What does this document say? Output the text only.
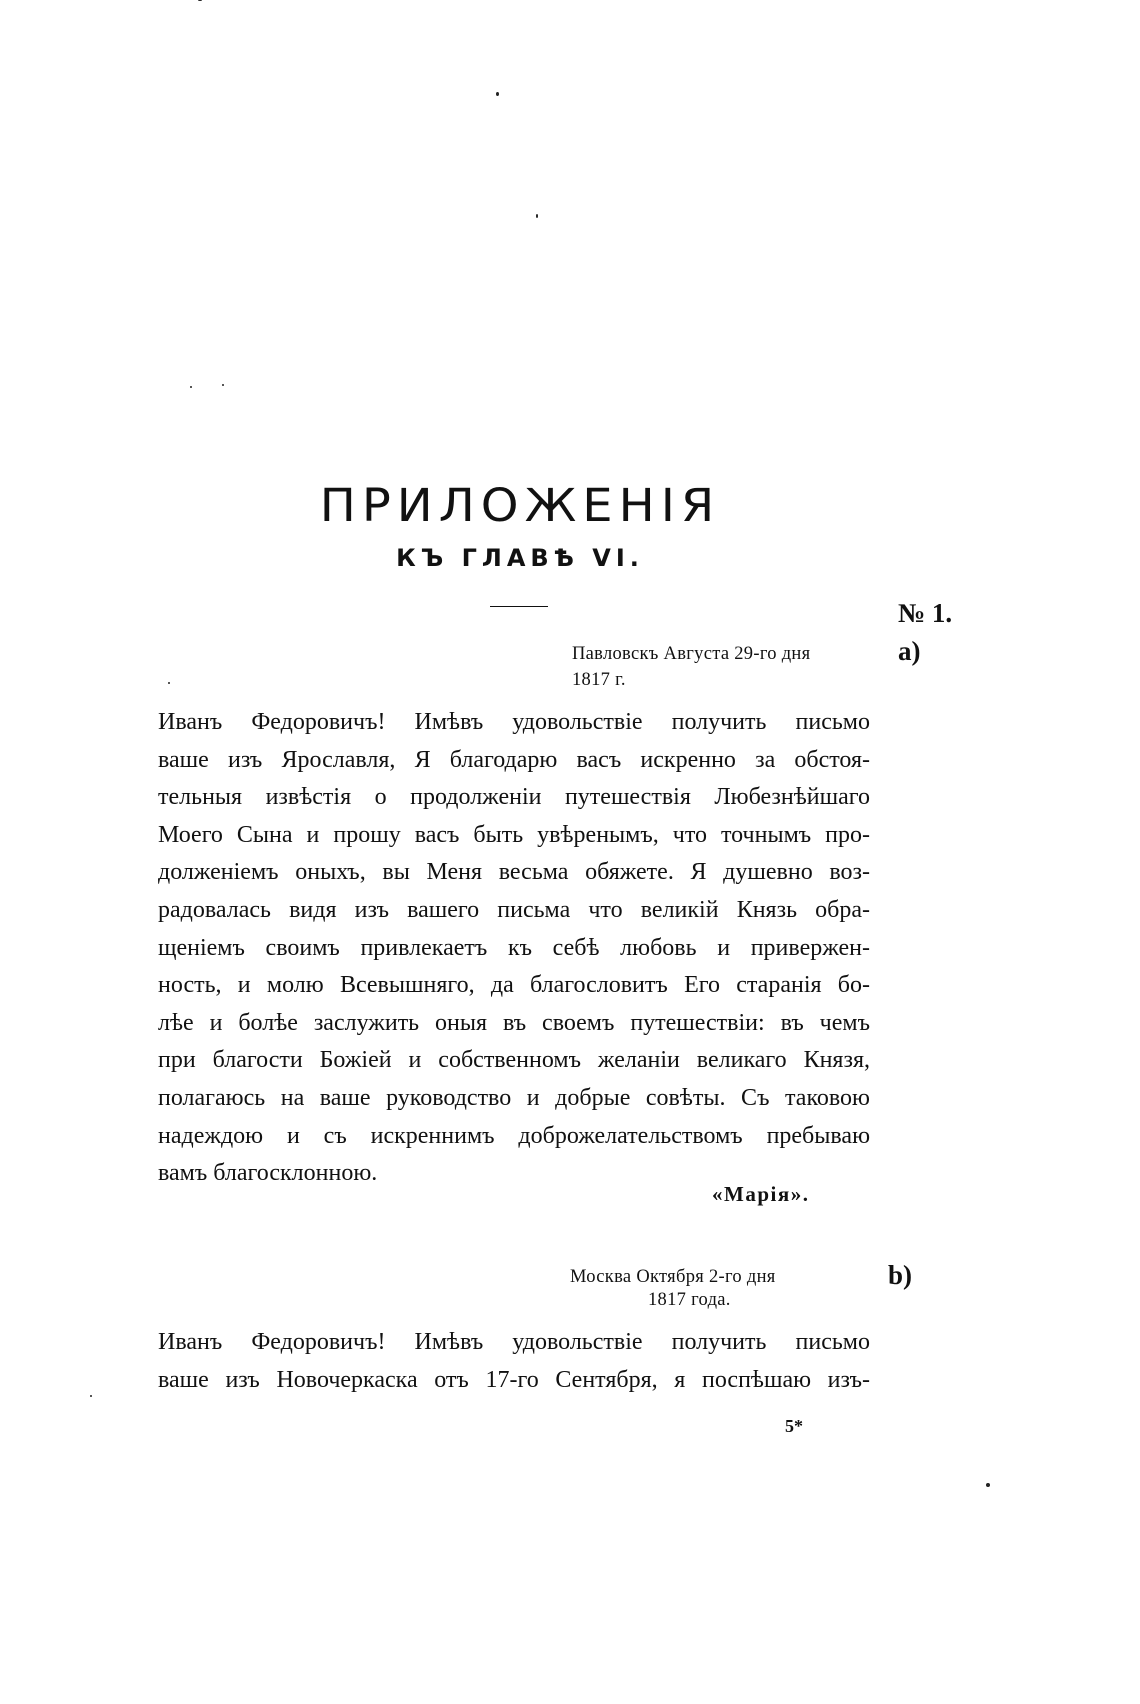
ПРИЛОЖЕНІЯ
КЪ ГЛАВѢ VI.
№ 1.
a)
Павловскъ Августа 29-го дня
1817 г.
Иванъ Федоровичъ! Имѣвъ удовольствіе получить письмо
ваше изъ Ярославля, Я благодарю васъ искренно за обстоя-
тельныя извѣстія о продолженіи путешествія Любезнѣйшаго
Моего Сына и прошу васъ быть увѣренымъ, что точнымъ про-
долженіемъ оныхъ, вы Меня весьма обяжете. Я душевно воз-
радовалась видя изъ вашего письма что великій Князь обра-
щеніемъ своимъ привлекаетъ къ себѣ любовь и привержен-
ность, и молю Всевышняго, да благословитъ Его старанія бо-
лѣе и болѣе заслужить оныя въ своемъ путешествіи: въ чемъ
при благости Божіей и собственномъ желаніи великаго Князя,
полагаюсь на ваше руководство и добрые совѣты. Съ таковою
надеждою и съ искреннимъ доброжелательствомъ пребываю
вамъ благосклонною.
«Марія».
b)
Москва Октября 2-го дня
1817 года.
Иванъ Федоровичъ! Имѣвъ удовольствіе получить письмо
ваше изъ Новочеркаска отъ 17-го Сентября, я поспѣшаю изъ-
5*
